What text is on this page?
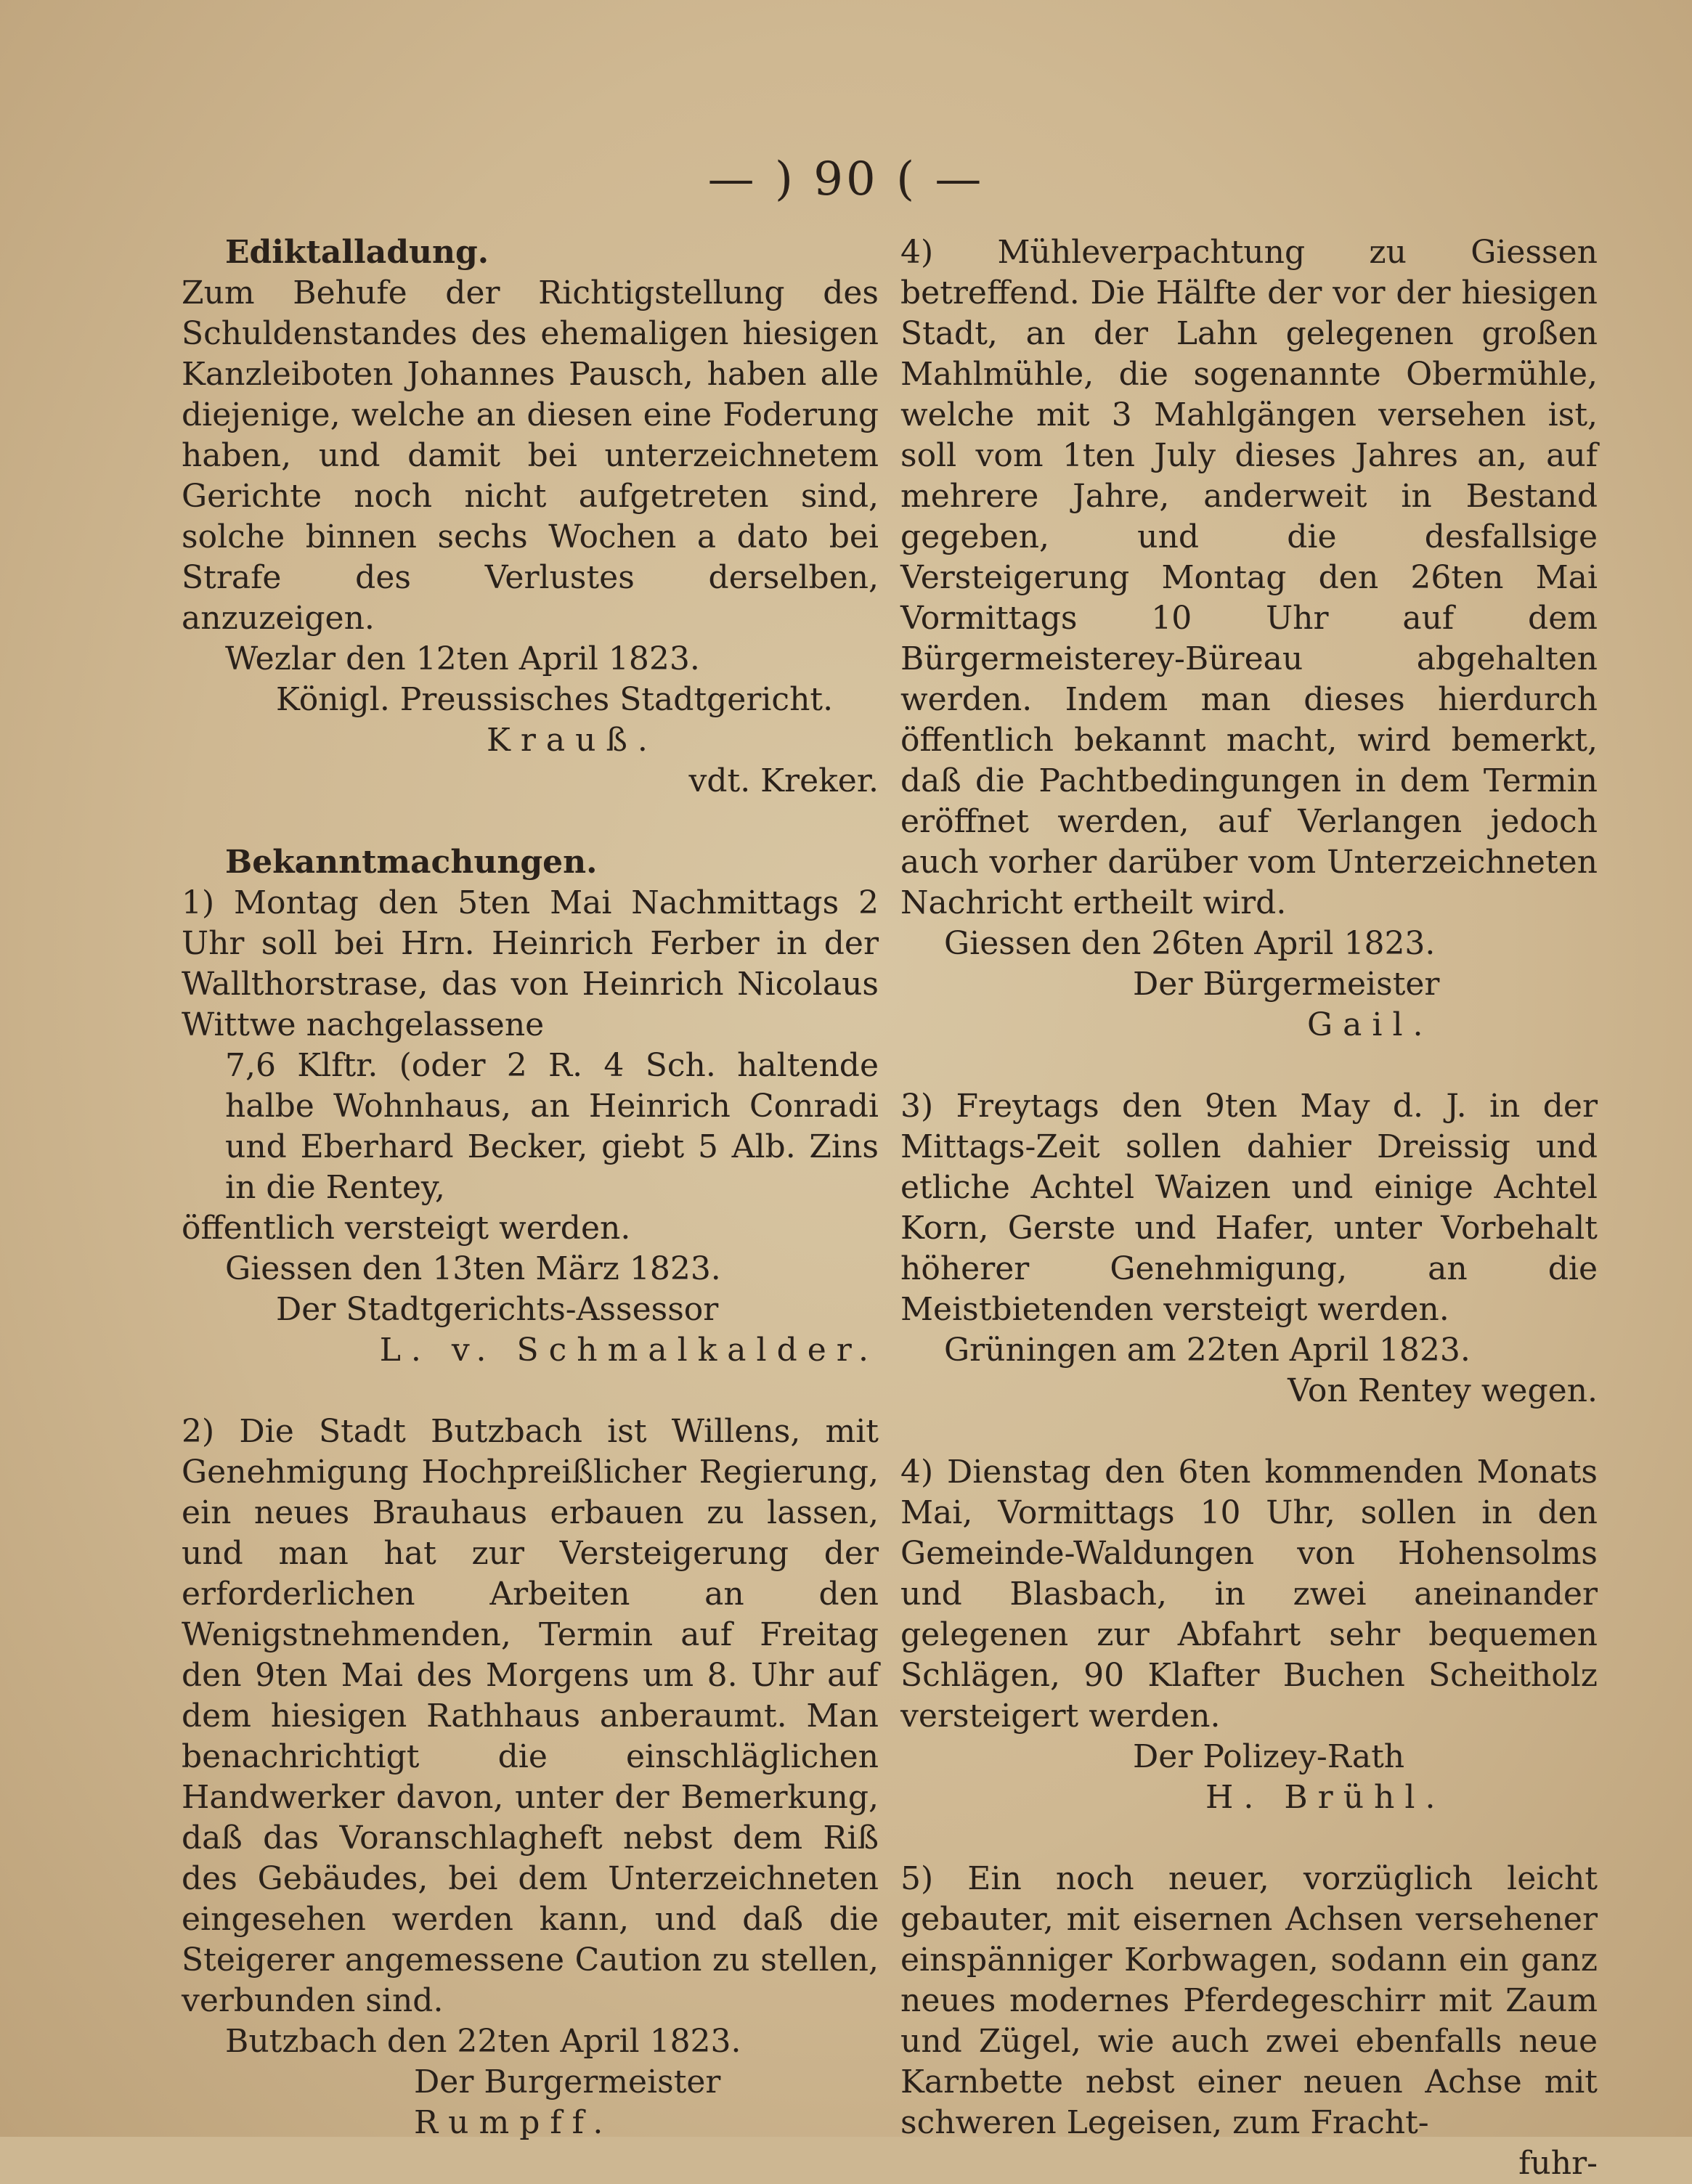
— ) 90 ( —

Ediktalladung.

Zum Behufe der Richtigstellung des Schuldenstandes des ehemaligen hiesigen Kanzleiboten Johannes Pausch, haben alle diejenige, welche an diesen eine Foderung haben, und damit bei unterzeichnetem Gerichte noch nicht aufgetreten sind, solche binnen sechs Wochen a dato bei Strafe des Verlustes derselben, anzuzeigen.

Wezlar den 12ten April 1823.

Königl. Preussisches Stadtgericht.

Krauß.

vdt. Kreker.

Bekanntmachungen.

1) Montag den 5ten Mai Nachmittags 2 Uhr soll bei Hrn. Heinrich Ferber in der Wallthorstrase, das von Heinrich Nicolaus Wittwe nachgelassene

7,6 Klftr. (oder 2 R. 4 Sch. haltende halbe Wohnhaus, an Heinrich Conradi und Eberhard Becker, giebt 5 Alb. Zins in die Rentey,

öffentlich versteigt werden.

Giessen den 13ten März 1823.

Der Stadtgerichts-Assessor

L. v. Schmalkalder.

2) Die Stadt Butzbach ist Willens, mit Genehmigung Hochpreißlicher Regierung, ein neues Brauhaus erbauen zu lassen, und man hat zur Versteigerung der erforderlichen Arbeiten an den Wenigstnehmenden, Termin auf Freitag den 9ten Mai des Morgens um 8. Uhr auf dem hiesigen Rathhaus anberaumt. Man benachrichtigt die einschläglichen Handwerker davon, unter der Bemerkung, daß das Voranschlagheft nebst dem Riß des Gebäudes, bei dem Unterzeichneten eingesehen werden kann, und daß die Steigerer angemessene Caution zu stellen, verbunden sind.

Butzbach den 22ten April 1823.

Der Burgermeister

Rumpff.

4) Mühleverpachtung zu Giessen betreffend. Die Hälfte der vor der hiesigen Stadt, an der Lahn gelegenen großen Mahlmühle, die sogenannte Obermühle, welche mit 3 Mahlgängen versehen ist, soll vom 1ten July dieses Jahres an, auf mehrere Jahre, anderweit in Bestand gegeben, und die desfallsige Versteigerung Montag den 26ten Mai Vormittags 10 Uhr auf dem Bürgermeisterey-Büreau abgehalten werden. Indem man dieses hierdurch öffentlich bekannt macht, wird bemerkt, daß die Pachtbedingungen in dem Termin eröffnet werden, auf Verlangen jedoch auch vorher darüber vom Unterzeichneten Nachricht ertheilt wird.

Giessen den 26ten April 1823.

Der Bürgermeister

Gail.

3) Freytags den 9ten May d. J. in der Mittags-Zeit sollen dahier Dreissig und etliche Achtel Waizen und einige Achtel Korn, Gerste und Hafer, unter Vorbehalt höherer Genehmigung, an die Meistbietenden versteigt werden.

Grüningen am 22ten April 1823.

Von Rentey wegen.

4) Dienstag den 6ten kommenden Monats Mai, Vormittags 10 Uhr, sollen in den Gemeinde-Waldungen von Hohensolms und Blasbach, in zwei aneinander gelegenen zur Abfahrt sehr bequemen Schlägen, 90 Klafter Buchen Scheitholz versteigert werden.

Der Polizey-Rath

H. Brühl.

5) Ein noch neuer, vorzüglich leicht gebauter, mit eisernen Achsen versehener einspänniger Korbwagen, sodann ein ganz neues modernes Pferdegeschirr mit Zaum und Zügel, wie auch zwei ebenfalls neue Karnbette nebst einer neuen Achse mit schweren Legeisen, zum Fracht-

fuhr-
